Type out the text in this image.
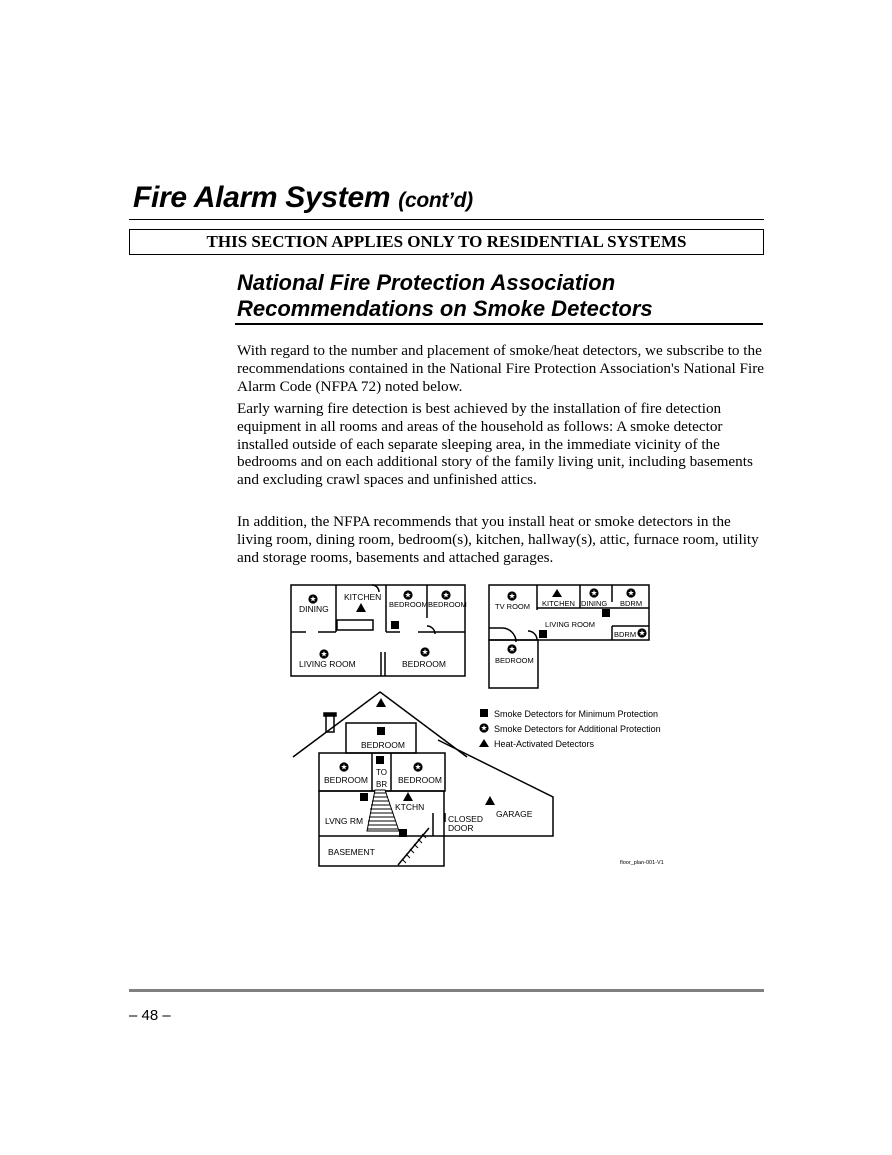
Fire Alarm System (cont’d)
THIS SECTION APPLIES ONLY TO RESIDENTIAL SYSTEMS
National Fire Protection Association
Recommendations on Smoke Detectors
With regard to the number and placement of smoke/heat detectors, we subscribe to the recommendations contained in the National Fire Protection Association's National Fire Alarm Code (NFPA 72) noted below.
Early warning fire detection is best achieved by the installation of fire detection equipment in all rooms and areas of the household as follows: A smoke detector installed outside of each separate sleeping area, in the immediate vicinity of the bedrooms and on each additional story of the family living unit, including basements and excluding crawl spaces and unfinished attics.
In addition, the NFPA recommends that you install heat or smoke detectors in the living room, dining room, bedroom(s), kitchen, hallway(s), attic, furnace room, utility and storage rooms, basements and attached garages.
DINING
KITCHEN
BEDROOM BEDROOM
LIVING ROOM	BEDROOM
TV ROOM KITCHEN DINING BDRM
LIVING ROOM
BDRM
BEDROOM
BEDROOM
BEDROOM
TO
BR BEDROOM
LVNG RM
KTCHN
CLOSED
DOOR
GARAGE
BASEMENT
Smoke Detectors for Minimum Protection
Smoke Detectors for Additional Protection
Heat-Activated Detectors
floor_plan-001-V1
– 48 –
